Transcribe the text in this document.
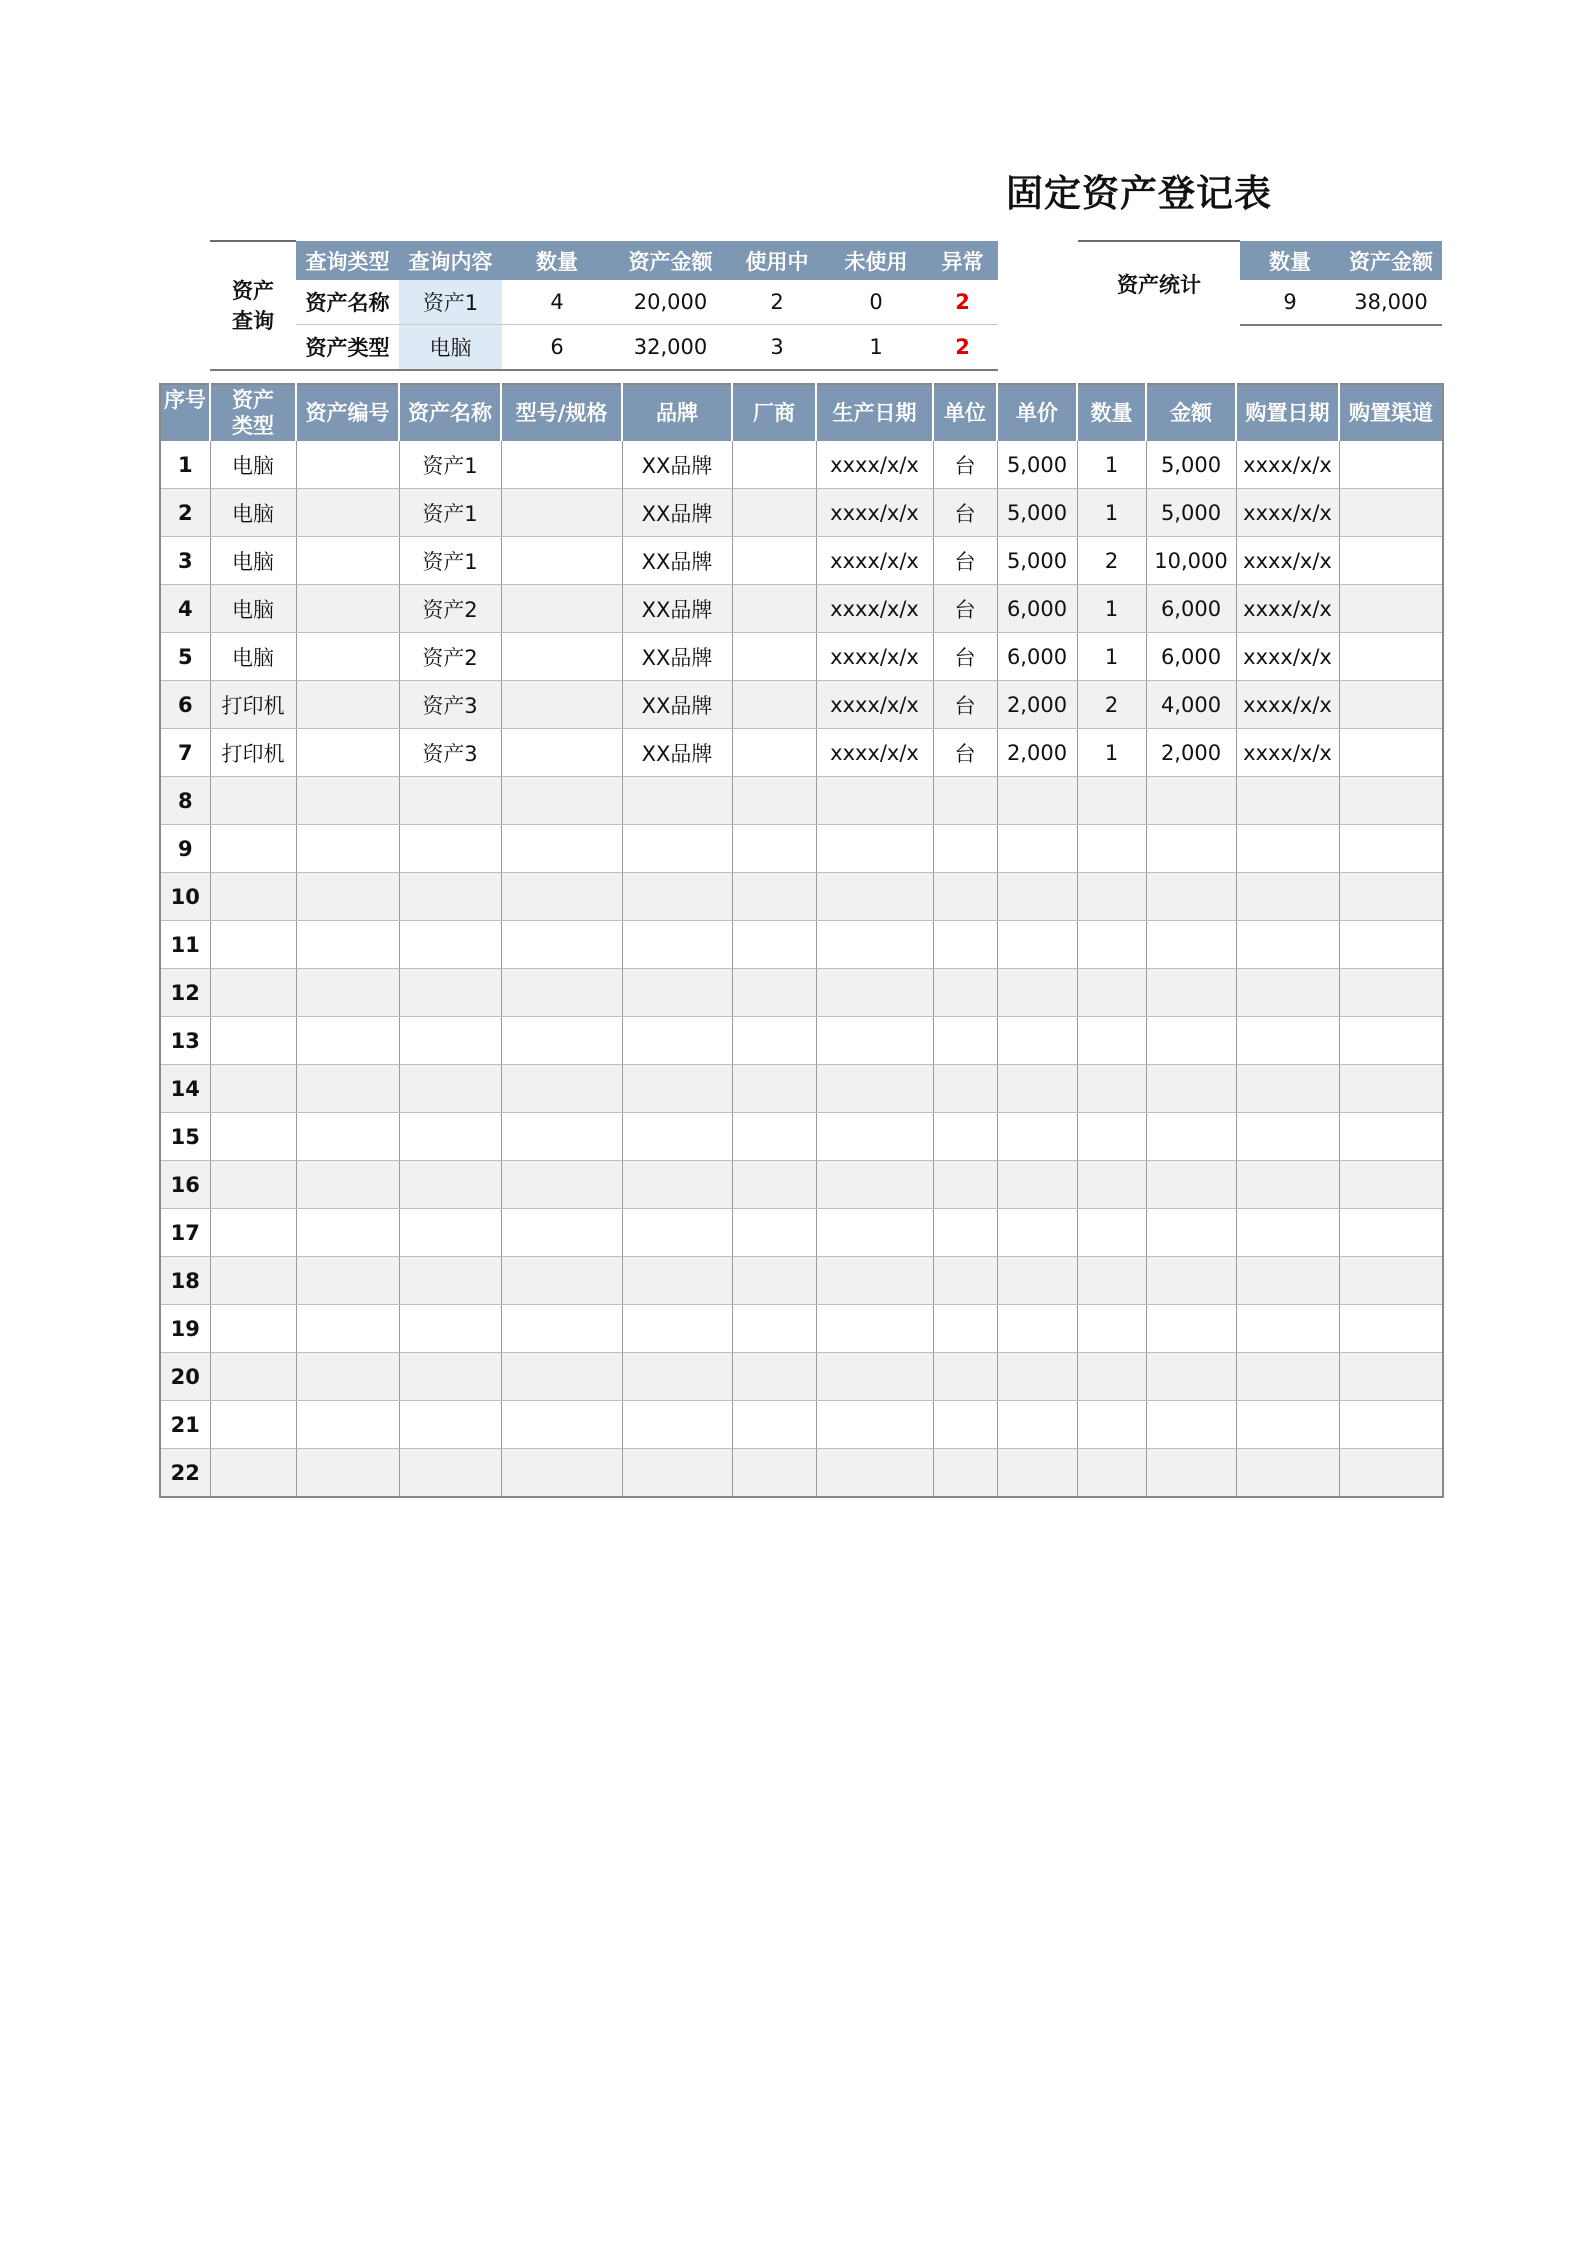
固定资产登记表
资产
查询	查询类型	查询内容	数量	资产金额	使用中	未使用	异常
	资产名称	资产1	4	20,000	2	0	2
	资产类型	电脑	6	32,000	3	1	2
资产统计	数量	资产金额
	9	38,000
序号	资产类型	资产编号	资产名称	型号/规格	品牌	厂商	生产日期	单位	单价	数量	金额	购置日期	购置渠道
1	电脑		资产1		XX品牌		xxxx/x/x	台	5,000	1	5,000	xxxx/x/x	
2	电脑		资产1		XX品牌		xxxx/x/x	台	5,000	1	5,000	xxxx/x/x	
3	电脑		资产1		XX品牌		xxxx/x/x	台	5,000	2	10,000	xxxx/x/x	
4	电脑		资产2		XX品牌		xxxx/x/x	台	6,000	1	6,000	xxxx/x/x	
5	电脑		资产2		XX品牌		xxxx/x/x	台	6,000	1	6,000	xxxx/x/x	
6	打印机		资产3		XX品牌		xxxx/x/x	台	2,000	2	4,000	xxxx/x/x	
7	打印机		资产3		XX品牌		xxxx/x/x	台	2,000	1	2,000	xxxx/x/x	
8													
9													
10													
11													
12													
13													
14													
15													
16													
17													
18													
19													
20													
21													
22													
